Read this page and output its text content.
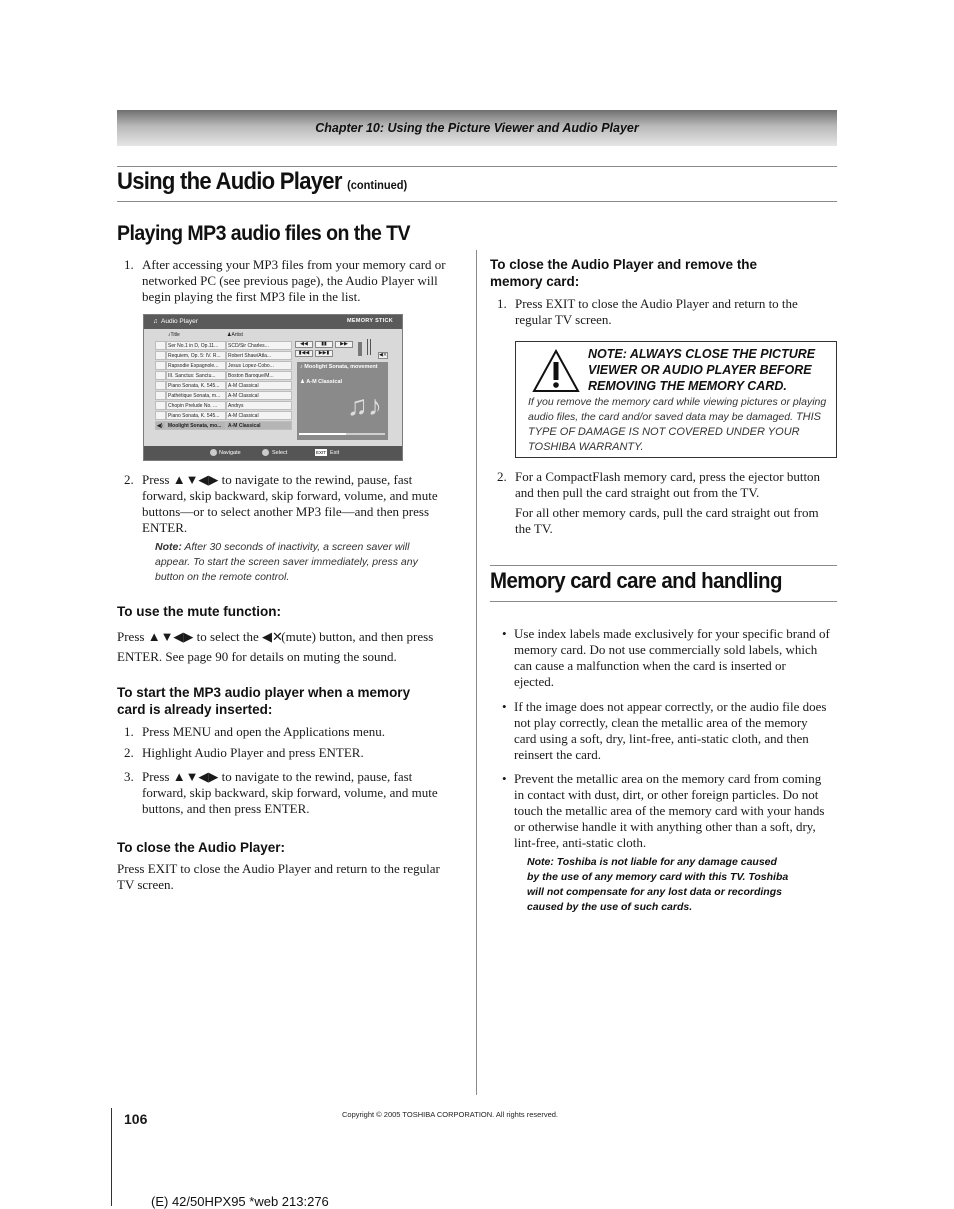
Chapter 10: Using the Picture Viewer and Audio Player
Using the Audio Player (continued)
Playing MP3 audio files on the TV
1. After accessing your MP3 files from your memory card or
networked PC (see previous page), the Audio Player will
begin playing the first MP3 file in the list.
♫ Audio Player	MEMORY STICK
♪Title	♟Artist
Ser No.1 in D, Op.11...	SCD/Sir Charles...
Requiem, Op. 5: IV. R...	Robert Shaw/Atla...
Rapsodie Espagnole...	Jesus Lopez-Cobo...
III. Sanctus: Sanctu...	Boston Baroque/M...
Piano Sonata, K. 545...	A-M Classical
Pathétique Sonata, m...	A-M Classical
Chopin Prelude No. ...	Andrys
Piano Sonata, K. 545...	A-M Classical
◀)	Moolight Sonata, mo...	A-M Classical
◀◀	▮▮	▶▶
▮◀◀	▶▶▮	◀×
♪ Moolight Sonata, movement
♟ A-M Classical
♫♪
Navigate	Select	EXIT Exit
2. Press ▲▼◀▶ to navigate to the rewind, pause, fast
forward, skip backward, skip forward, volume, and mute
buttons—or to select another MP3 file—and then press
ENTER.
Note: After 30 seconds of inactivity, a screen saver will
appear. To start the screen saver immediately, press any
button on the remote control.
To use the mute function:
Press ▲▼◀▶ to select the ◀✕ (mute) button, and then press
ENTER. See page 90 for details on muting the sound.
To start the MP3 audio player when a memory
card is already inserted:
1. Press MENU and open the Applications menu.
2. Highlight Audio Player and press ENTER.
3. Press ▲▼◀▶ to navigate to the rewind, pause, fast
forward, skip backward, skip forward, volume, and mute
buttons, and then press ENTER.
To close the Audio Player:
Press EXIT to close the Audio Player and return to the regular
TV screen.
To close the Audio Player and remove the
memory card:
1. Press EXIT to close the Audio Player and return to the
regular TV screen.
NOTE: ALWAYS CLOSE THE PICTURE
VIEWER OR AUDIO PLAYER BEFORE
REMOVING THE MEMORY CARD.
If you remove the memory card while viewing pictures or playing
audio files, the card and/or saved data may be damaged. THIS
TYPE OF DAMAGE IS NOT COVERED UNDER YOUR
TOSHIBA WARRANTY.
2. For a CompactFlash memory card, press the ejector button
and then pull the card straight out from the TV.
For all other memory cards, pull the card straight out from
the TV.
Memory card care and handling
• Use index labels made exclusively for your specific brand of
memory card. Do not use commercially sold labels, which
can cause a malfunction when the card is inserted or
ejected.
• If the image does not appear correctly, or the audio file does
not play correctly, clean the metallic area of the memory
card using a soft, dry, lint-free, anti-static cloth, and then
reinsert the card.
• Prevent the metallic area on the memory card from coming
in contact with dust, dirt, or other foreign particles. Do not
touch the metallic area of the memory card with your hands
or otherwise handle it with anything other than a soft, dry,
lint-free, anti-static cloth.
Note: Toshiba is not liable for any damage caused
by the use of any memory card with this TV. Toshiba
will not compensate for any lost data or recordings
caused by the use of such cards.
106	Copyright © 2005 TOSHIBA CORPORATION. All rights reserved.
(E) 42/50HPX95 *web 213:276
